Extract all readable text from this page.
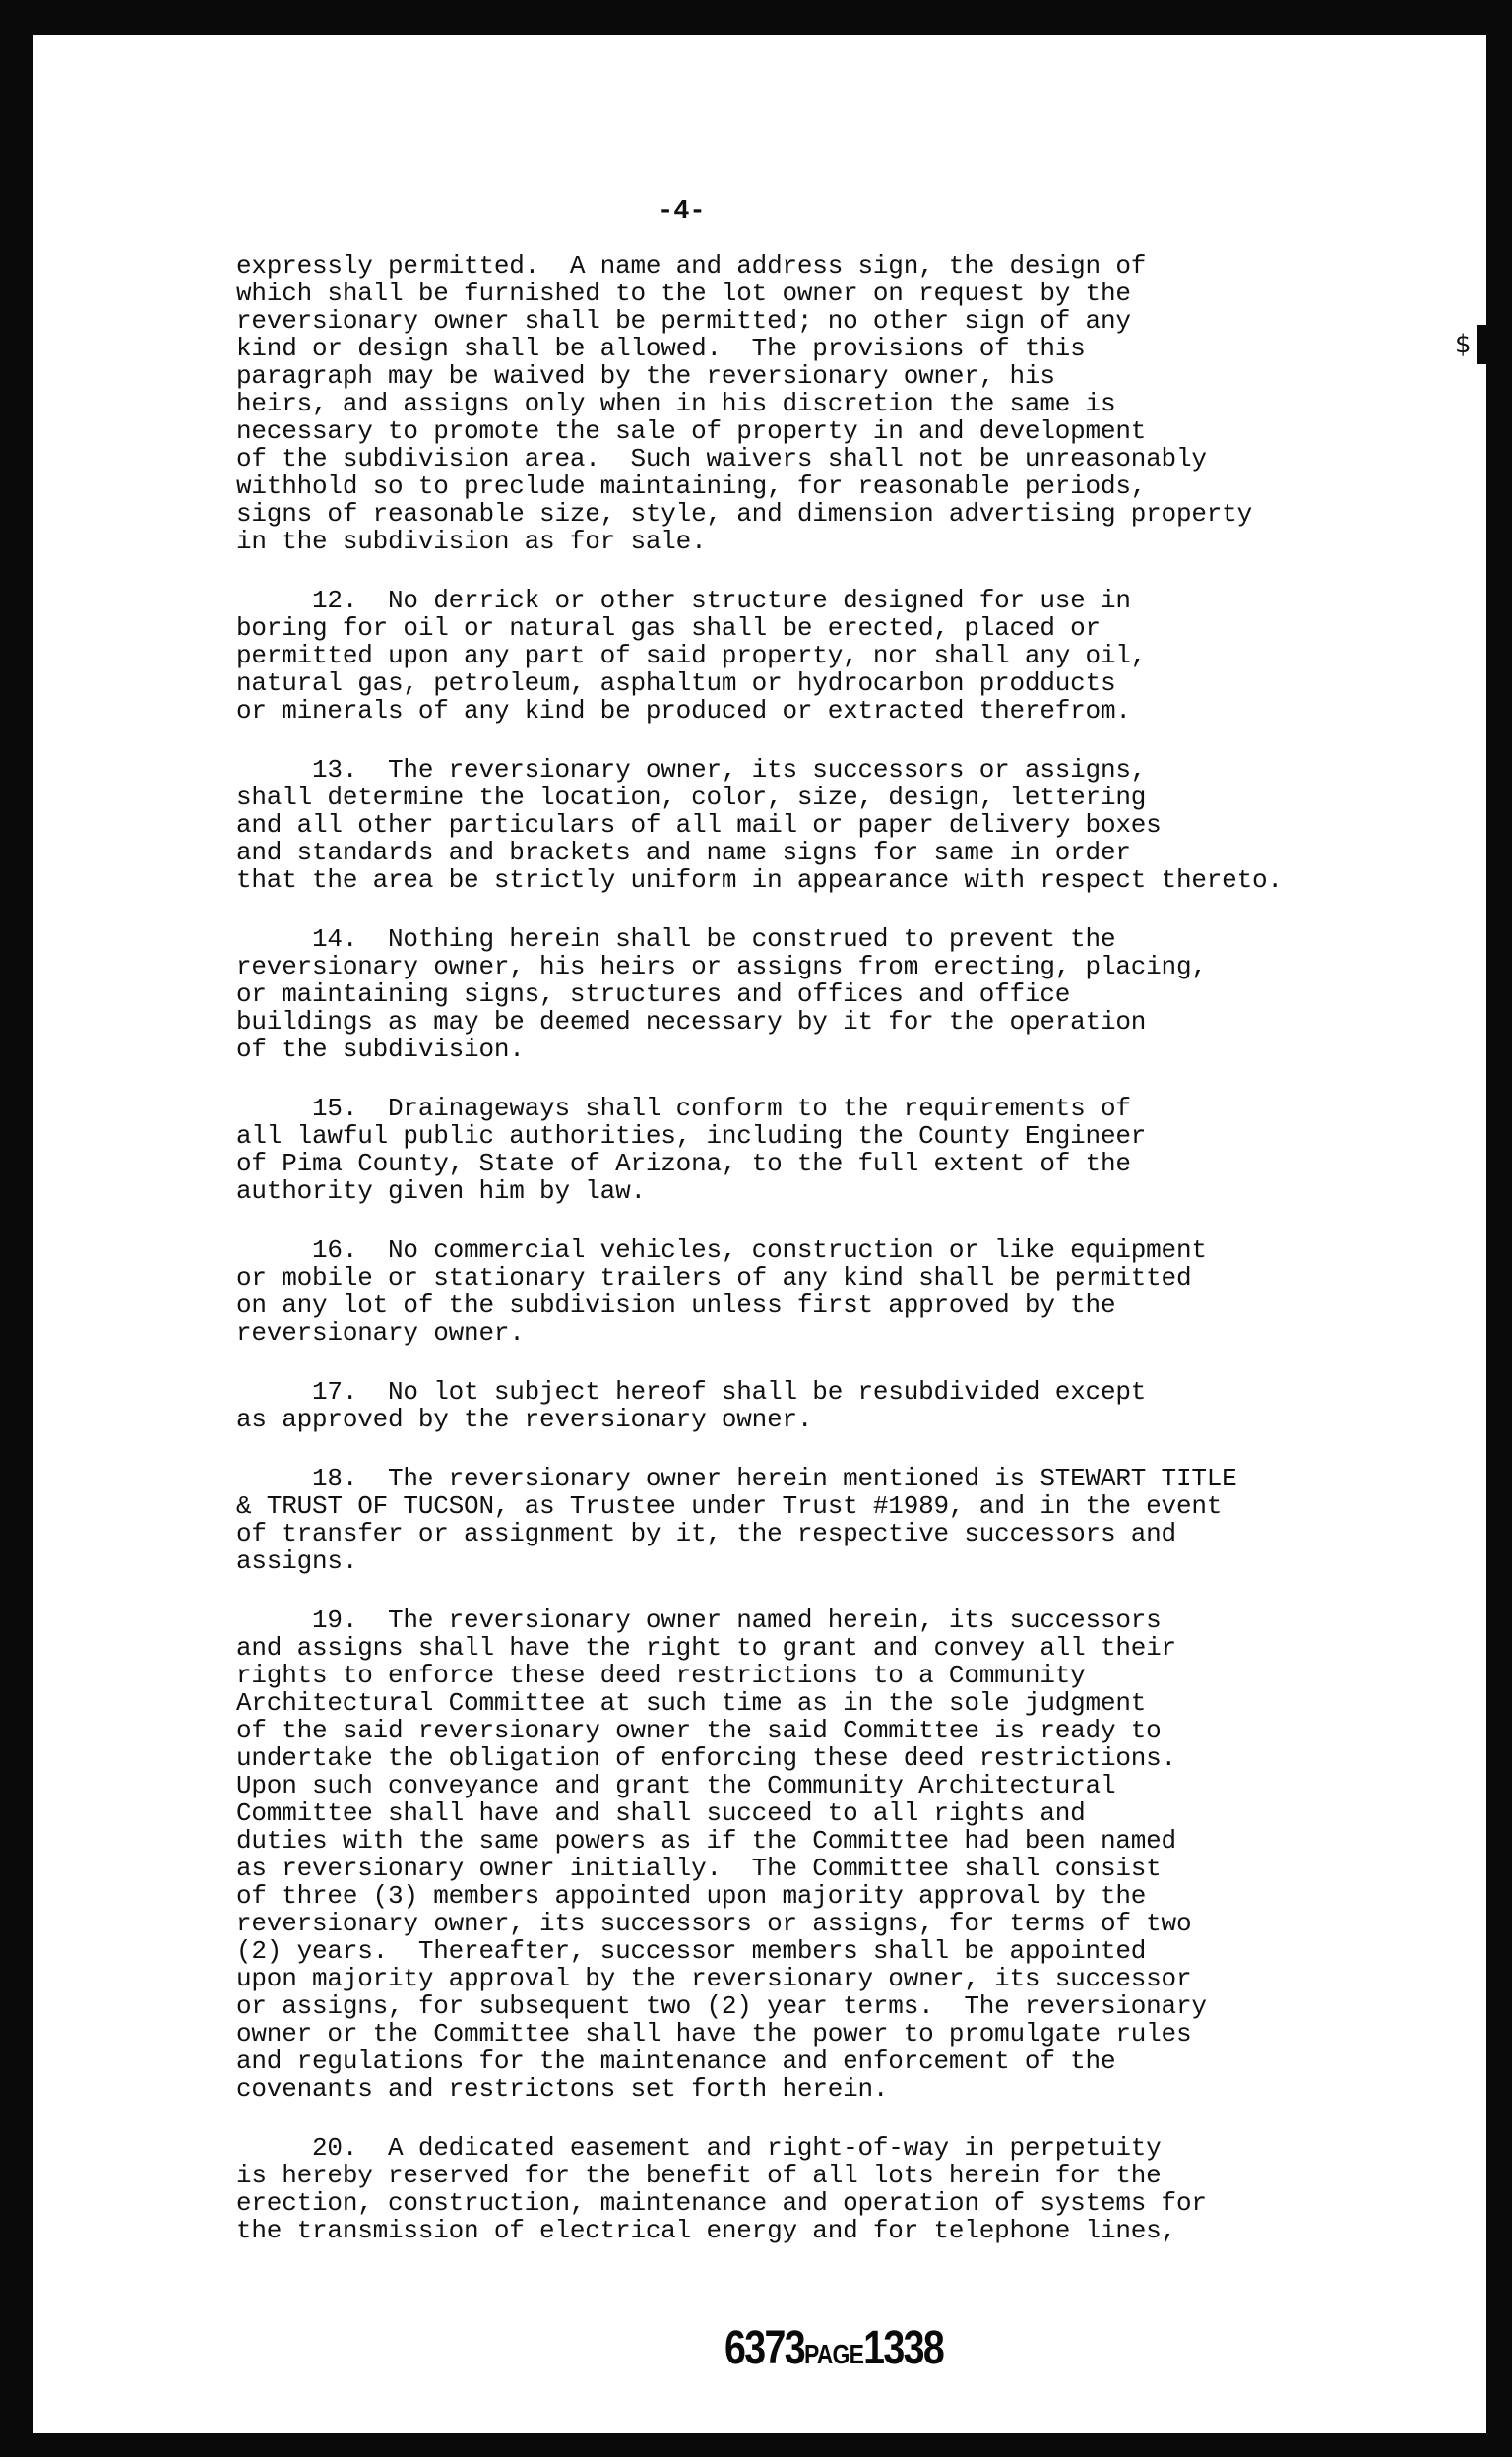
-4-
$
expressly permitted.  A name and address sign, the design of
which shall be furnished to the lot owner on request by the
reversionary owner shall be permitted; no other sign of any
kind or design shall be allowed.  The provisions of this
paragraph may be waived by the reversionary owner, his
heirs, and assigns only when in his discretion the same is
necessary to promote the sale of property in and development
of the subdivision area.  Such waivers shall not be unreasonably
withhold so to preclude maintaining, for reasonable periods,
signs of reasonable size, style, and dimension advertising property
in the subdivision as for sale.
12.  No derrick or other structure designed for use in
boring for oil or natural gas shall be erected, placed or
permitted upon any part of said property, nor shall any oil,
natural gas, petroleum, asphaltum or hydrocarbon prodducts
or minerals of any kind be produced or extracted therefrom.
13.  The reversionary owner, its successors or assigns,
shall determine the location, color, size, design, lettering
and all other particulars of all mail or paper delivery boxes
and standards and brackets and name signs for same in order
that the area be strictly uniform in appearance with respect thereto.
14.  Nothing herein shall be construed to prevent the
reversionary owner, his heirs or assigns from erecting, placing,
or maintaining signs, structures and offices and office
buildings as may be deemed necessary by it for the operation
of the subdivision.
15.  Drainageways shall conform to the requirements of
all lawful public authorities, including the County Engineer
of Pima County, State of Arizona, to the full extent of the
authority given him by law.
16.  No commercial vehicles, construction or like equipment
or mobile or stationary trailers of any kind shall be permitted
on any lot of the subdivision unless first approved by the
reversionary owner.
17.  No lot subject hereof shall be resubdivided except
as approved by the reversionary owner.
18.  The reversionary owner herein mentioned is STEWART TITLE
& TRUST OF TUCSON, as Trustee under Trust #1989, and in the event
of transfer or assignment by it, the respective successors and
assigns.
19.  The reversionary owner named herein, its successors
and assigns shall have the right to grant and convey all their
rights to enforce these deed restrictions to a Community
Architectural Committee at such time as in the sole judgment
of the said reversionary owner the said Committee is ready to
undertake the obligation of enforcing these deed restrictions.
Upon such conveyance and grant the Community Architectural
Committee shall have and shall succeed to all rights and
duties with the same powers as if the Committee had been named
as reversionary owner initially.  The Committee shall consist
of three (3) members appointed upon majority approval by the
reversionary owner, its successors or assigns, for terms of two
(2) years.  Thereafter, successor members shall be appointed
upon majority approval by the reversionary owner, its successor
or assigns, for subsequent two (2) year terms.  The reversionary
owner or the Committee shall have the power to promulgate rules
and regulations for the maintenance and enforcement of the
covenants and restrictons set forth herein.
20.  A dedicated easement and right-of-way in perpetuity
is hereby reserved for the benefit of all lots herein for the
erection, construction, maintenance and operation of systems for
the transmission of electrical energy and for telephone lines,
6373PAGE1338
